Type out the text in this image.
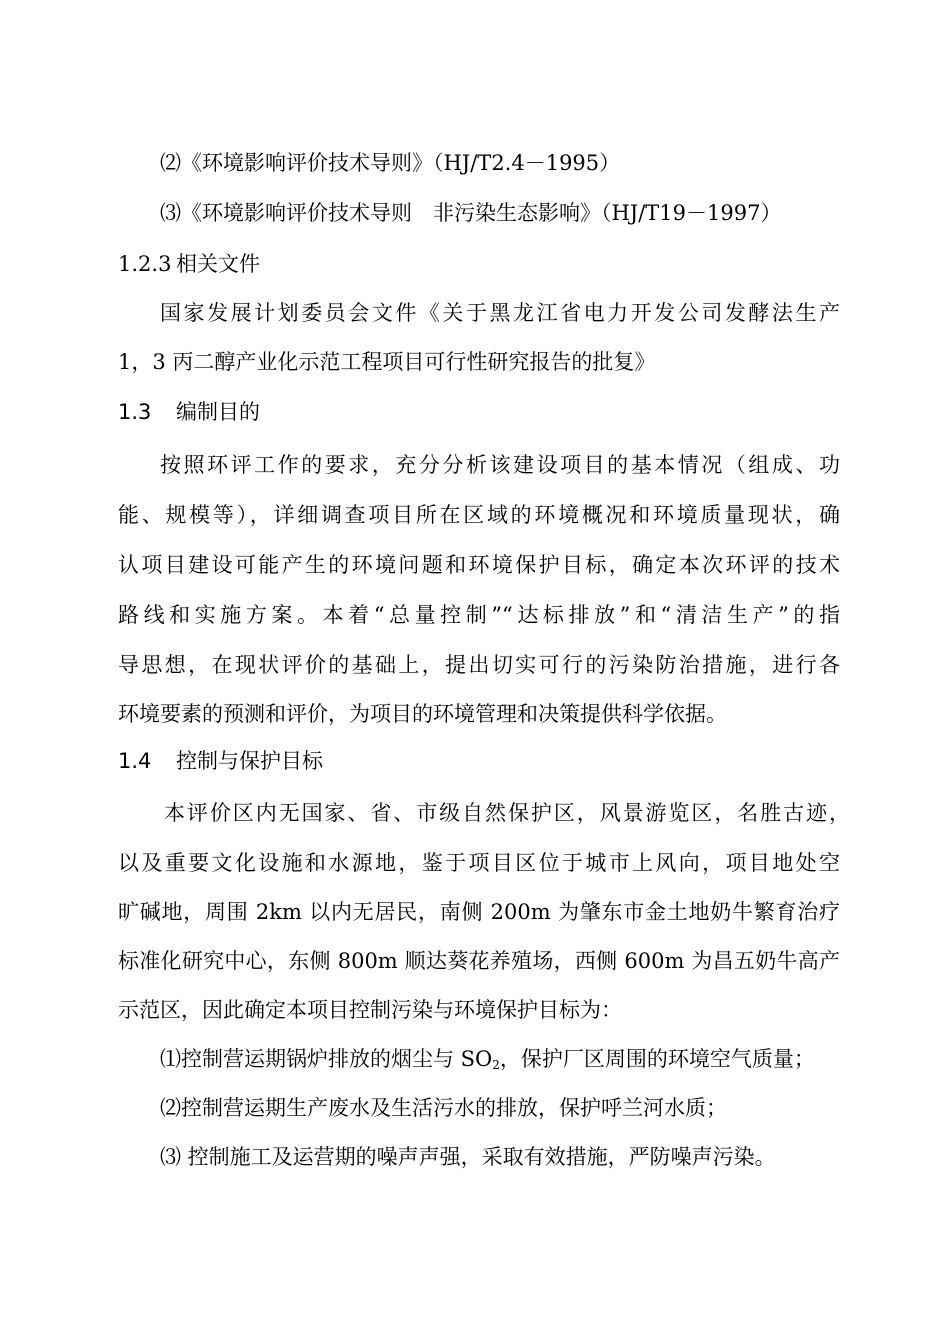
⑵《环境影响评价技术导则》（HJ/T2.4－1995）
⑶《环境影响评价技术导则　非污染生态影响》（HJ/T19－1997）
1.2.3 相关文件
国家发展计划委员会文件《关于黑龙江省电力开发公司发酵法生产
1，3 丙二醇产业化示范工程项目可行性研究报告的批复》
1.3 编制目的
按照环评工作的要求，充分分析该建设项目的基本情况（组成、功
能、规模等），详细调查项目所在区域的环境概况和环境质量现状，确
认项目建设可能产生的环境问题和环境保护目标，确定本次环评的技术
路线和实施方案。本着“总量控制”“达标排放”和“清洁生产”的指
导思想，在现状评价的基础上，提出切实可行的污染防治措施，进行各
环境要素的预测和评价，为项目的环境管理和决策提供科学依据。
1.4 控制与保护目标
本评价区内无国家、省、市级自然保护区，风景游览区，名胜古迹，
以及重要文化设施和水源地，鉴于项目区位于城市上风向，项目地处空
旷碱地，周围 2km 以内无居民，南侧 200m 为肇东市金土地奶牛繁育治疗
标准化研究中心，东侧 800m 顺达葵花养殖场，西侧 600m 为昌五奶牛高产
示范区，因此确定本项目控制污染与环境保护目标为：
⑴控制营运期锅炉排放的烟尘与 $SO_2$，保护厂区周围的环境空气质量；
⑵控制营运期生产废水及生活污水的排放，保护呼兰河水质；
⑶ 控制施工及运营期的噪声声强，采取有效措施，严防噪声污染。
